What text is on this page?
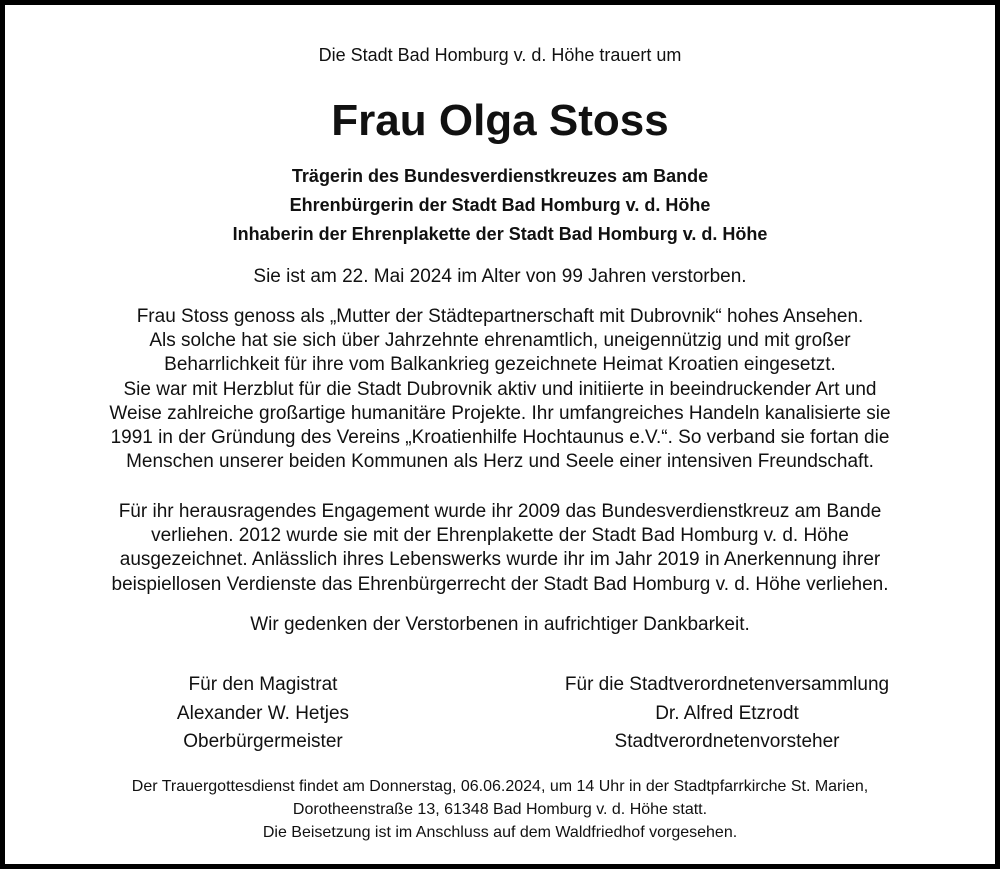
Die Stadt Bad Homburg v. d. Höhe trauert um
Frau Olga Stoss
Trägerin des Bundesverdienstkreuzes am Bande
Ehrenbürgerin der Stadt Bad Homburg v. d. Höhe
Inhaberin der Ehrenplakette der Stadt Bad Homburg v. d. Höhe
Sie ist am 22. Mai 2024 im Alter von 99 Jahren verstorben.
Frau Stoss genoss als „Mutter der Städtepartnerschaft mit Dubrovnik“ hohes Ansehen.
Als solche hat sie sich über Jahrzehnte ehrenamtlich, uneigennützig und mit großer
Beharrlichkeit für ihre vom Balkankrieg gezeichnete Heimat Kroatien eingesetzt.
Sie war mit Herzblut für die Stadt Dubrovnik aktiv und initiierte in beeindruckender Art und
Weise zahlreiche großartige humanitäre Projekte. Ihr umfangreiches Handeln kanalisierte sie
1991 in der Gründung des Vereins „Kroatienhilfe Hochtaunus e.V.“. So verband sie fortan die
Menschen unserer beiden Kommunen als Herz und Seele einer intensiven Freundschaft.
Für ihr herausragendes Engagement wurde ihr 2009 das Bundesverdienstkreuz am Bande
verliehen. 2012 wurde sie mit der Ehrenplakette der Stadt Bad Homburg v. d. Höhe
ausgezeichnet. Anlässlich ihres Lebenswerks wurde ihr im Jahr 2019 in Anerkennung ihrer
beispiellosen Verdienste das Ehrenbürgerrecht der Stadt Bad Homburg v. d. Höhe verliehen.
Wir gedenken der Verstorbenen in aufrichtiger Dankbarkeit.
Für den Magistrat
Alexander W. Hetjes
Oberbürgermeister
Für die Stadtverordnetenversammlung
Dr. Alfred Etzrodt
Stadtverordnetenvorsteher
Der Trauergottesdienst findet am Donnerstag, 06.06.2024, um 14 Uhr in der Stadtpfarrkirche St. Marien,
Dorotheenstraße 13, 61348 Bad Homburg v. d. Höhe statt.
Die Beisetzung ist im Anschluss auf dem Waldfriedhof vorgesehen.
